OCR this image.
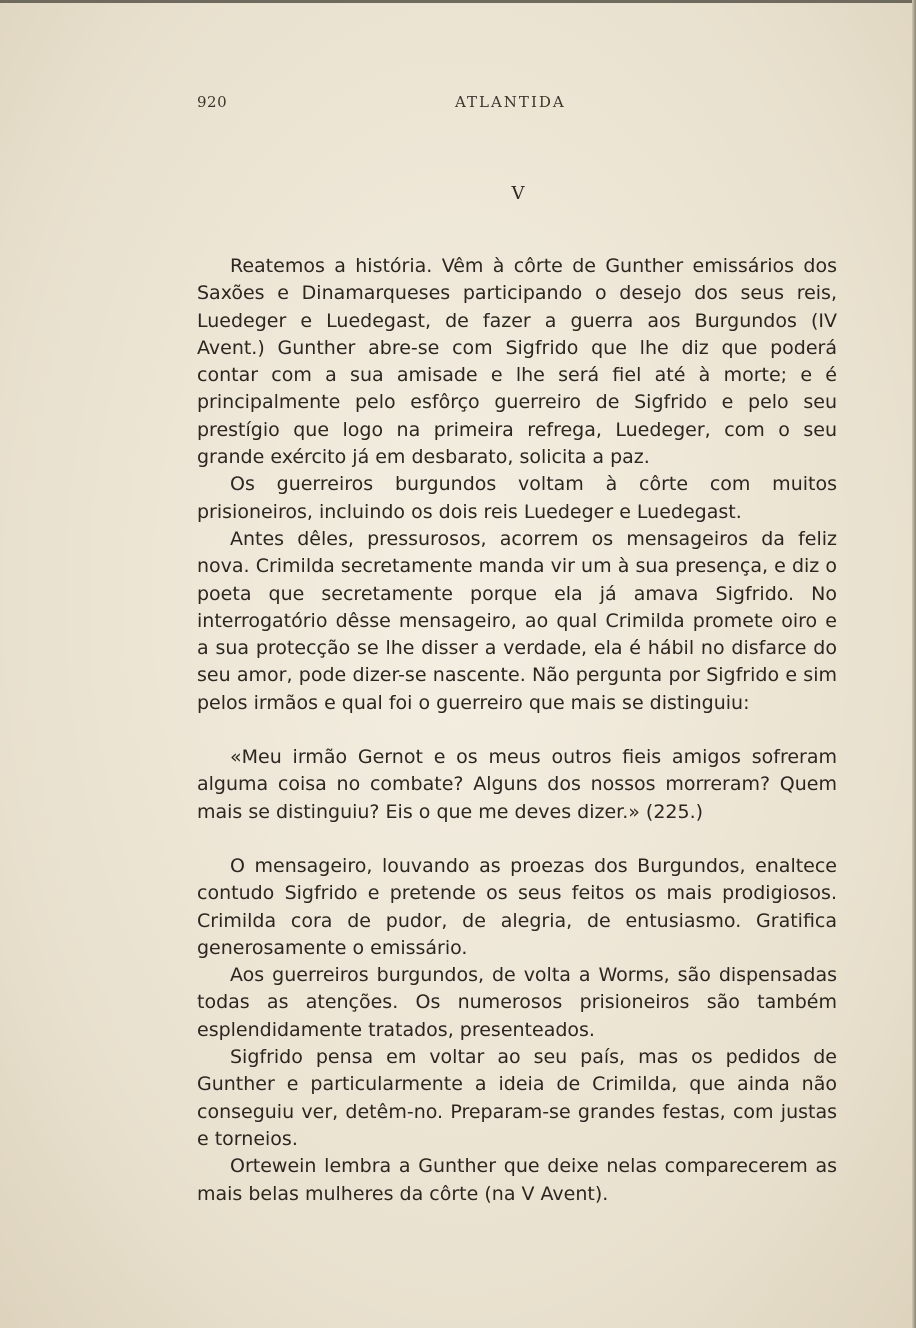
920	ATLANTIDA
V

Reatemos a história. Vêm à côrte de Gunther emissários dos Saxões e Dinamarqueses participando o desejo dos seus reis, Luedeger e Luedegast, de fazer a guerra aos Burgundos (IV Avent.) Gunther abre-se com Sigfrido que lhe diz que poderá contar com a sua amisade e lhe será fiel até à morte; e é principalmente pelo esfôrço guerreiro de Sigfrido e pelo seu prestígio que logo na primeira refrega, Luedeger, com o seu grande exército já em desbarato, solicita a paz.

Os guerreiros burgundos voltam à côrte com muitos prisioneiros, incluindo os dois reis Luedeger e Luedegast.

Antes dêles, pressurosos, acorrem os mensageiros da feliz nova. Crimilda secretamente manda vir um à sua presença, e diz o poeta que secretamente porque ela já amava Sigfrido. No interrogatório dêsse mensageiro, ao qual Crimilda promete oiro e a sua protecção se lhe disser a verdade, ela é hábil no disfarce do seu amor, pode dizer-se nascente. Não pergunta por Sigfrido e sim pelos irmãos e qual foi o guerreiro que mais se distinguiu:

«Meu irmão Gernot e os meus outros fieis amigos sofreram alguma coisa no combate? Alguns dos nossos morreram? Quem mais se distinguiu? Eis o que me deves dizer.» (225.)

O mensageiro, louvando as proezas dos Burgundos, enaltece contudo Sigfrido e pretende os seus feitos os mais prodigiosos. Crimilda cora de pudor, de alegria, de entusiasmo. Gratifica generosamente o emissário.

Aos guerreiros burgundos, de volta a Worms, são dispensadas todas as atenções. Os numerosos prisioneiros são também esplendidamente tratados, presenteados.

Sigfrido pensa em voltar ao seu país, mas os pedidos de Gunther e particularmente a ideia de Crimilda, que ainda não conseguiu ver, detêm-no. Preparam-se grandes festas, com justas e torneios.

Ortewein lembra a Gunther que deixe nelas comparecerem as mais belas mulheres da côrte (na V Avent).
